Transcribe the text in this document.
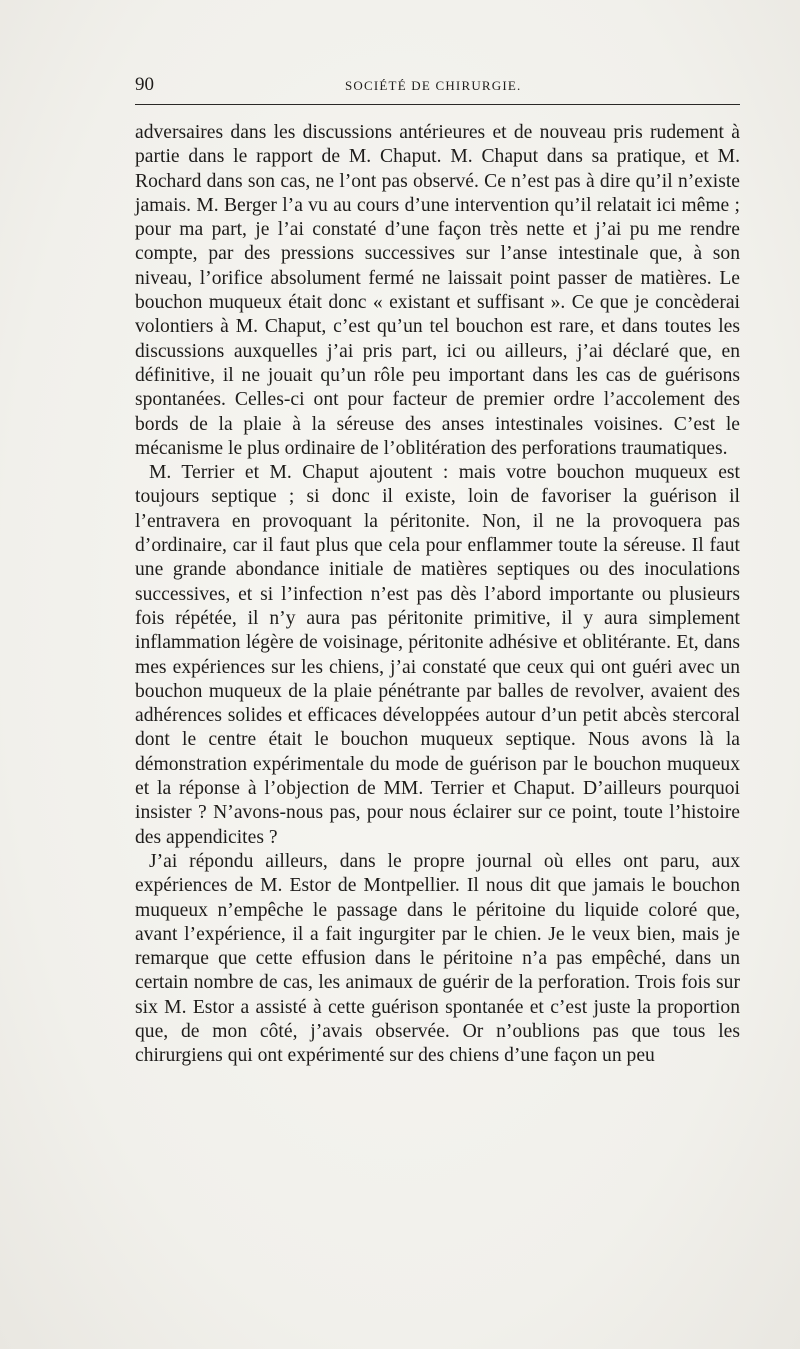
90	SOCIÉTÉ DE CHIRURGIE.

adversaires dans les discussions antérieures et de nouveau pris rudement à partie dans le rapport de M. Chaput. M. Chaput dans sa pratique, et M. Rochard dans son cas, ne l’ont pas observé. Ce n’est pas à dire qu’il n’existe jamais. M. Berger l’a vu au cours d’une intervention qu’il relatait ici même ; pour ma part, je l’ai constaté d’une façon très nette et j’ai pu me rendre compte, par des pressions successives sur l’anse intestinale que, à son niveau, l’orifice absolument fermé ne laissait point passer de matières. Le bouchon muqueux était donc « existant et suffisant ». Ce que je concèderai volontiers à M. Chaput, c’est qu’un tel bouchon est rare, et dans toutes les discussions auxquelles j’ai pris part, ici ou ailleurs, j’ai déclaré que, en définitive, il ne jouait qu’un rôle peu important dans les cas de guérisons spontanées. Celles-ci ont pour facteur de premier ordre l’accolement des bords de la plaie à la séreuse des anses intestinales voisines. C’est le mécanisme le plus ordinaire de l’oblitération des perforations traumatiques.

M. Terrier et M. Chaput ajoutent : mais votre bouchon muqueux est toujours septique ; si donc il existe, loin de favoriser la guérison il l’entravera en provoquant la péritonite. Non, il ne la provoquera pas d’ordinaire, car il faut plus que cela pour enflammer toute la séreuse. Il faut une grande abondance initiale de matières septiques ou des inoculations successives, et si l’infection n’est pas dès l’abord importante ou plusieurs fois répétée, il n’y aura pas péritonite primitive, il y aura simplement inflammation légère de voisinage, péritonite adhésive et oblitérante. Et, dans mes expériences sur les chiens, j’ai constaté que ceux qui ont guéri avec un bouchon muqueux de la plaie pénétrante par balles de revolver, avaient des adhérences solides et efficaces développées autour d’un petit abcès stercoral dont le centre était le bouchon muqueux septique. Nous avons là la démonstration expérimentale du mode de guérison par le bouchon muqueux et la réponse à l’objection de MM. Terrier et Chaput. D’ailleurs pourquoi insister ? N’avons-nous pas, pour nous éclairer sur ce point, toute l’histoire des appendicites ?

J’ai répondu ailleurs, dans le propre journal où elles ont paru, aux expériences de M. Estor de Montpellier. Il nous dit que jamais le bouchon muqueux n’empêche le passage dans le péritoine du liquide coloré que, avant l’expérience, il a fait ingurgiter par le chien. Je le veux bien, mais je remarque que cette effusion dans le péritoine n’a pas empêché, dans un certain nombre de cas, les animaux de guérir de la perforation. Trois fois sur six M. Estor a assisté à cette guérison spontanée et c’est juste la proportion que, de mon côté, j’avais observée. Or n’oublions pas que tous les chirurgiens qui ont expérimenté sur des chiens d’une façon un peu
